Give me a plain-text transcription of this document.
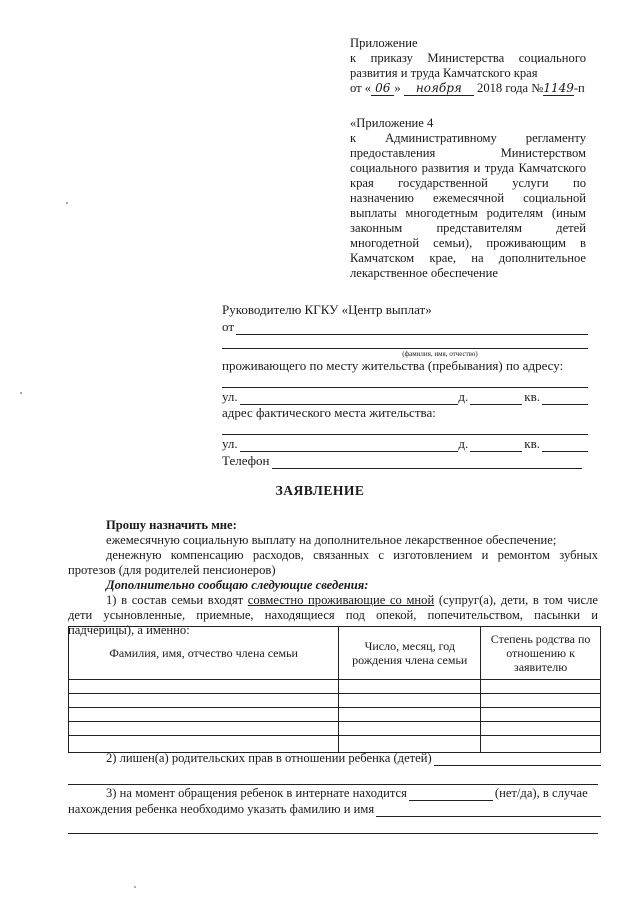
Приложение
к приказу Министерства социального
развития и труда Камчатского края
от « 06 » ноября 2018 года №1149-п
«Приложение 4
к Административному регламенту
предоставления Министерством
социального развития и труда Камчатского
края государственной услуги по
назначению ежемесячной социальной
выплаты многодетным родителям (иным
законным представителям детей
многодетной семьи), проживающим в
Камчатском крае, на дополнительное
лекарственное обеспечение
Руководителю КГКУ «Центр выплат»
от
(фамилия, имя, отчество)
проживающего по месту жительства (пребывания) по адресу:
ул.	д.	кв.
адрес фактического места жительства:
ул.	д.	кв.
Телефон
ЗАЯВЛЕНИЕ

Прошу назначить мне:

ежемесячную социальную выплату на дополнительное лекарственное обеспечение;

денежную компенсацию расходов, связанных с изготовлением и ремонтом зубных протезов (для родителей пенсионеров)

Дополнительно сообщаю следующие сведения:

1) в состав семьи входят совместно проживающие со мной (супруг(а), дети, в том числе дети усыновленные, приемные, находящиеся под опекой, попечительством, пасынки и падчерицы), а именно:

Фамилия, имя, отчество члена семьи	Число, месяц, год рождения члена семьи	Степень родства по отношению к заявителю

2) лишен(а) родительских прав в отношении ребенка (детей)
3) на момент обращения ребенок в интернате находится	(нет/да), в случае
нахождения ребенка необходимо указать фамилию и имя
